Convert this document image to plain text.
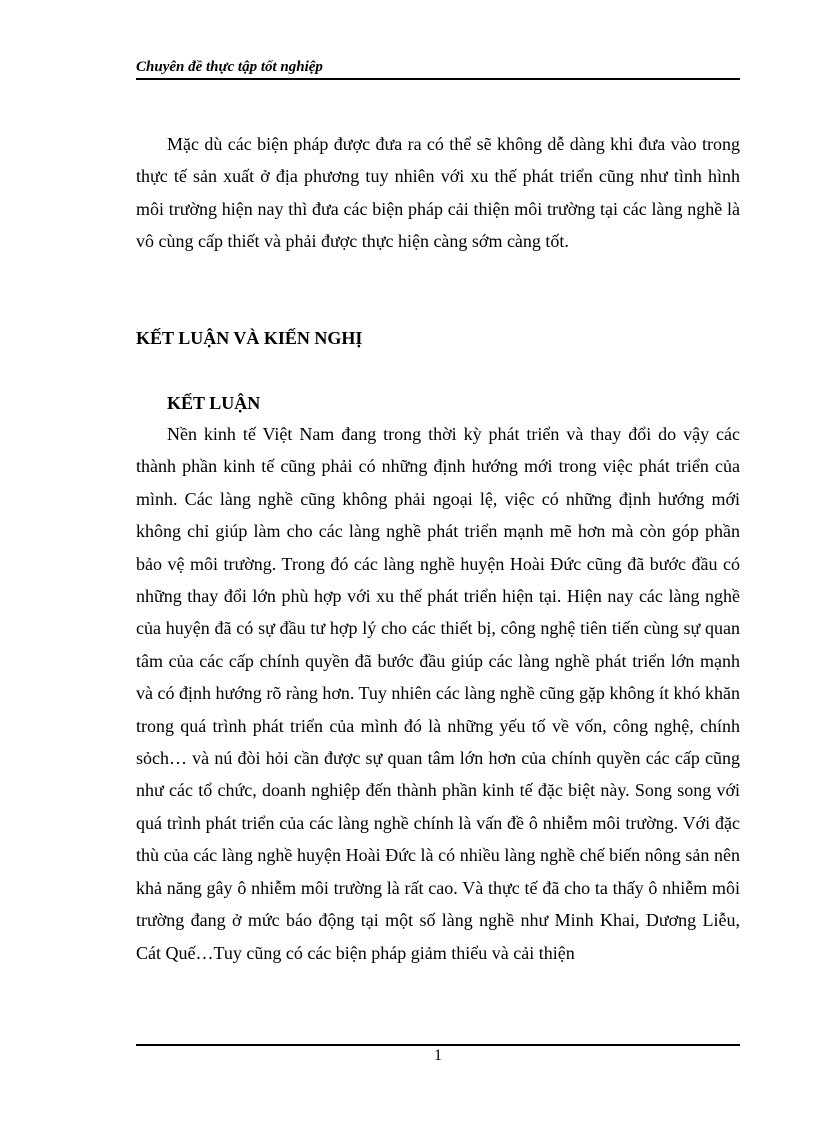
Chuyên đề thực tập tốt nghiệp

Mặc dù các biện pháp được đưa ra có thể sẽ không dễ dàng khi đưa vào trong thực tế sản xuất ở địa phương tuy nhiên với xu thế phát triển cũng như tình hình môi trường hiện nay thì đưa các biện pháp cải thiện môi trường tại các làng nghề là vô cùng cấp thiết và phải được thực hiện càng sớm càng tốt.

KẾT LUẬN VÀ KIẾN NGHỊ
KẾT LUẬN

Nền kinh tế Việt Nam đang trong thời kỳ phát triển và thay đổi do vậy các thành phần kinh tế cũng phải có những định hướng mới trong việc phát triển của mình. Các làng nghề cũng không phải ngoại lệ, việc có những định hướng mới không chỉ giúp làm cho các làng nghề phát triển mạnh mẽ hơn mà còn góp phần bảo vệ môi trường. Trong đó các làng nghề huyện Hoài Đức cũng đã bước đầu có những thay đổi lớn phù hợp với xu thế phát triển hiện tại. Hiện nay các làng nghề của huyện đã có sự đầu tư hợp lý cho các thiết bị, công nghệ tiên tiến cùng sự quan tâm của các cấp chính quyền đã bước đầu giúp các làng nghề phát triển lớn mạnh và có định hướng rõ ràng hơn. Tuy nhiên các làng nghề cũng gặp không ít khó khăn trong quá trình phát triển của mình đó là những yếu tố về vốn, công nghệ, chính sỏch… và nú đòi hỏi cần được sự quan tâm lớn hơn của chính quyền các cấp cũng như các tổ chức, doanh nghiệp đến thành phần kinh tế đặc biệt này. Song song với quá trình phát triển của các làng nghề chính là vấn đề ô nhiễm môi trường. Với đặc thù của các làng nghề huyện Hoài Đức là có nhiều làng nghề chế biến nông sản nên khả năng gây ô nhiễm môi trường là rất cao. Và thực tế đã cho ta thấy ô nhiễm môi trường đang ở mức báo động tại một số làng nghề như Minh Khai, Dương Liễu, Cát Quế…Tuy cũng có các biện pháp giảm thiểu và cải thiện

1
